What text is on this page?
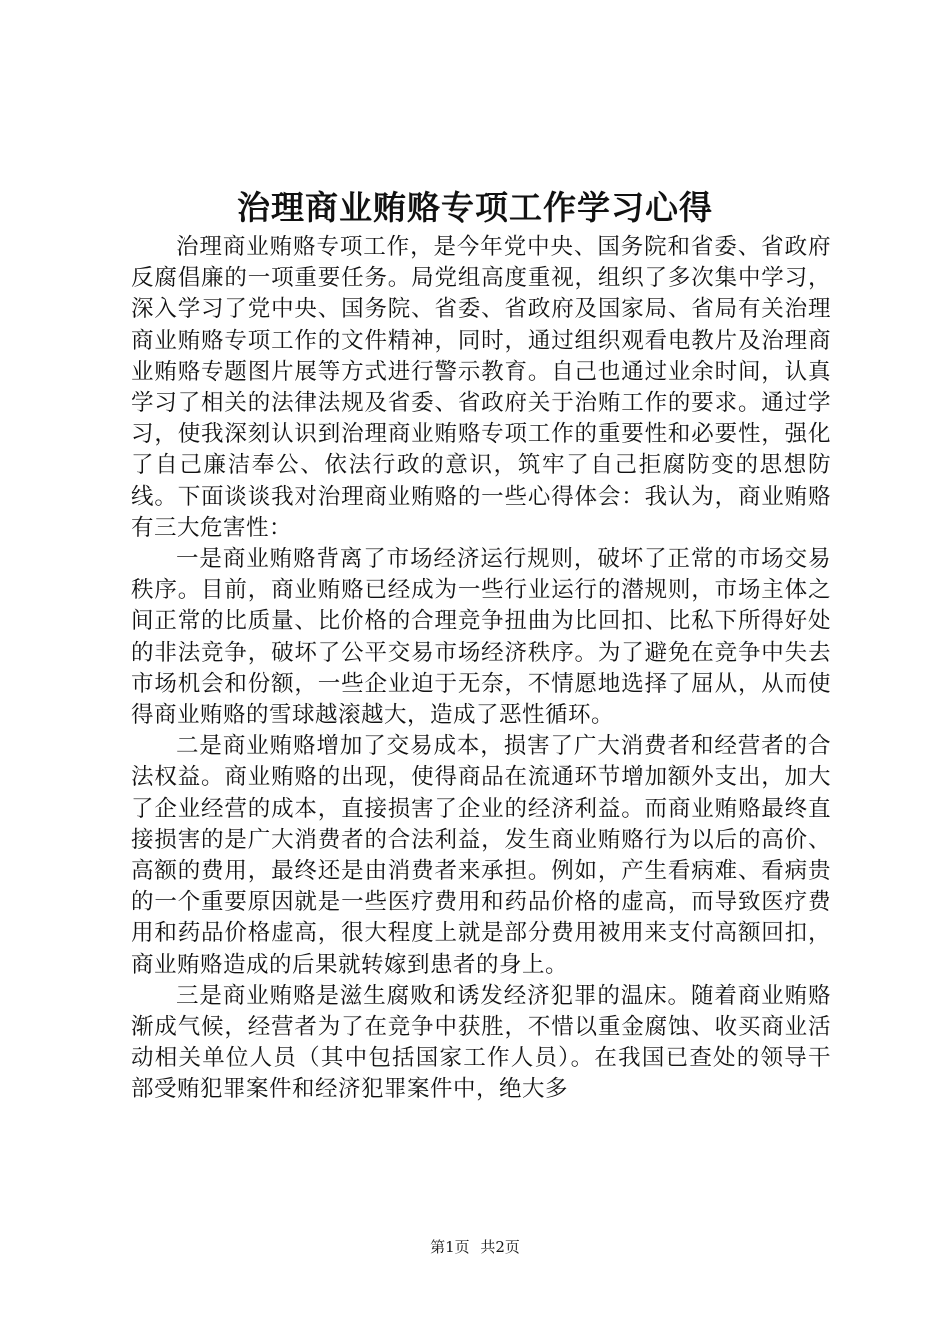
治理商业贿赂专项工作学习心得

治理商业贿赂专项工作，是今年党中央、国务院和省委、省政府反腐倡廉的一项重要任务。局党组高度重视，组织了多次集中学习，深入学习了党中央、国务院、省委、省政府及国家局、省局有关治理商业贿赂专项工作的文件精神，同时，通过组织观看电教片及治理商业贿赂专题图片展等方式进行警示教育。自己也通过业余时间，认真学习了相关的法律法规及省委、省政府关于治贿工作的要求。通过学习，使我深刻认识到治理商业贿赂专项工作的重要性和必要性，强化了自己廉洁奉公、依法行政的意识，筑牢了自己拒腐防变的思想防线。下面谈谈我对治理商业贿赂的一些心得体会：我认为，商业贿赂有三大危害性：

一是商业贿赂背离了市场经济运行规则，破坏了正常的市场交易秩序。目前，商业贿赂已经成为一些行业运行的潜规则，市场主体之间正常的比质量、比价格的合理竞争扭曲为比回扣、比私下所得好处的非法竞争，破坏了公平交易市场经济秩序。为了避免在竞争中失去市场机会和份额，一些企业迫于无奈，不情愿地选择了屈从，从而使得商业贿赂的雪球越滚越大，造成了恶性循环。

二是商业贿赂增加了交易成本，损害了广大消费者和经营者的合法权益。商业贿赂的出现，使得商品在流通环节增加额外支出，加大了企业经营的成本，直接损害了企业的经济利益。而商业贿赂最终直接损害的是广大消费者的合法利益，发生商业贿赂行为以后的高价、高额的费用，最终还是由消费者来承担。例如，产生看病难、看病贵的一个重要原因就是一些医疗费用和药品价格的虚高，而导致医疗费用和药品价格虚高，很大程度上就是部分费用被用来支付高额回扣，商业贿赂造成的后果就转嫁到患者的身上。

三是商业贿赂是滋生腐败和诱发经济犯罪的温床。随着商业贿赂渐成气候，经营者为了在竞争中获胜，不惜以重金腐蚀、收买商业活动相关单位人员（其中包括国家工作人员）。在我国已查处的领导干部受贿犯罪案件和经济犯罪案件中，绝大多

第1页 共2页
